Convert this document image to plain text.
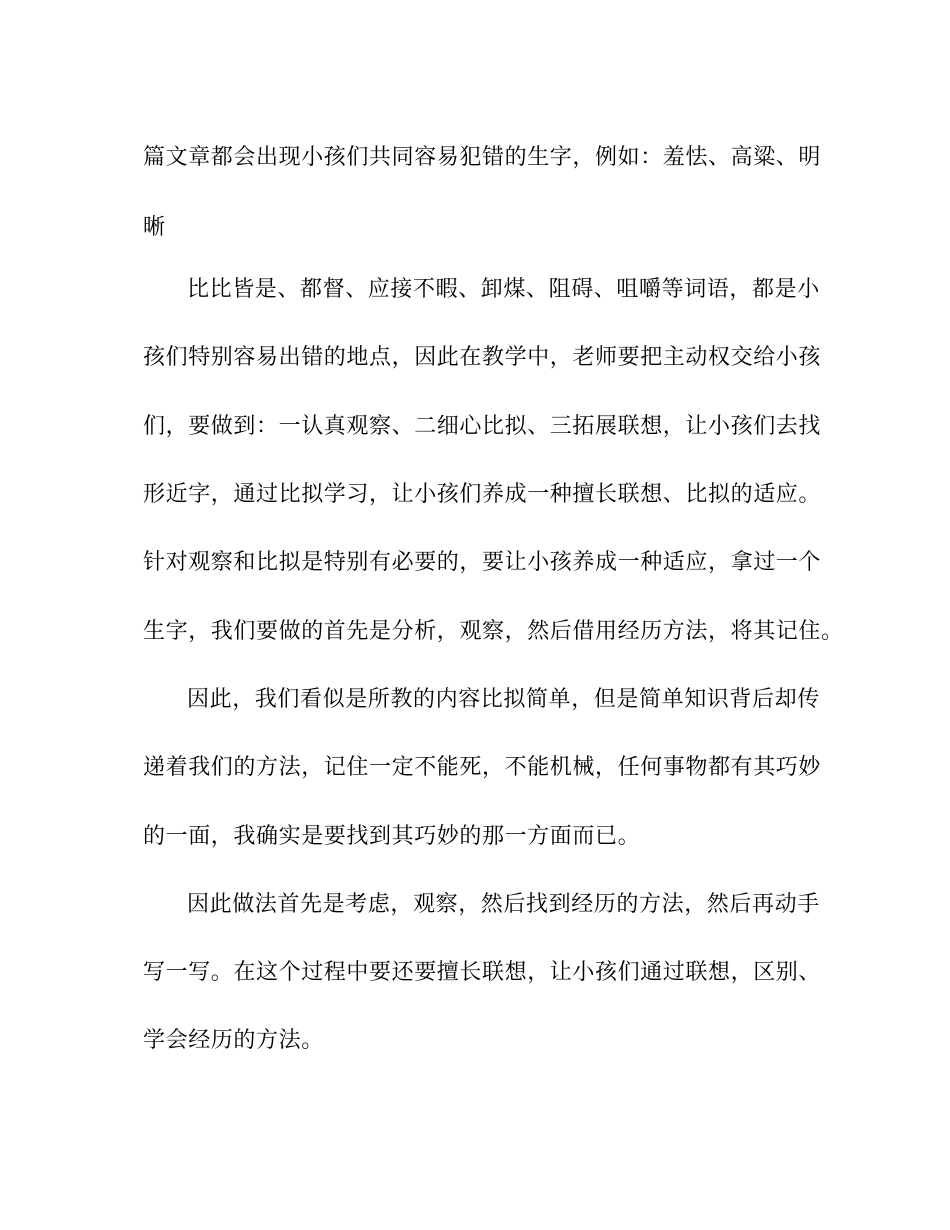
篇文章都会出现小孩们共同容易犯错的生字，例如：羞怯、高粱、明
晰
比比皆是、都督、应接不暇、卸煤、阻碍、咀嚼等词语，都是小
孩们特别容易出错的地点，因此在教学中，老师要把主动权交给小孩
们，要做到：一认真观察、二细心比拟、三拓展联想，让小孩们去找
形近字，通过比拟学习，让小孩们养成一种擅长联想、比拟的适应。
针对观察和比拟是特别有必要的，要让小孩养成一种适应，拿过一个
生字，我们要做的首先是分析，观察，然后借用经历方法，将其记住。
因此，我们看似是所教的内容比拟简单，但是简单知识背后却传
递着我们的方法，记住一定不能死，不能机械，任何事物都有其巧妙
的一面，我确实是要找到其巧妙的那一方面而已。
因此做法首先是考虑，观察，然后找到经历的方法，然后再动手
写一写。在这个过程中要还要擅长联想，让小孩们通过联想，区别、
学会经历的方法。
